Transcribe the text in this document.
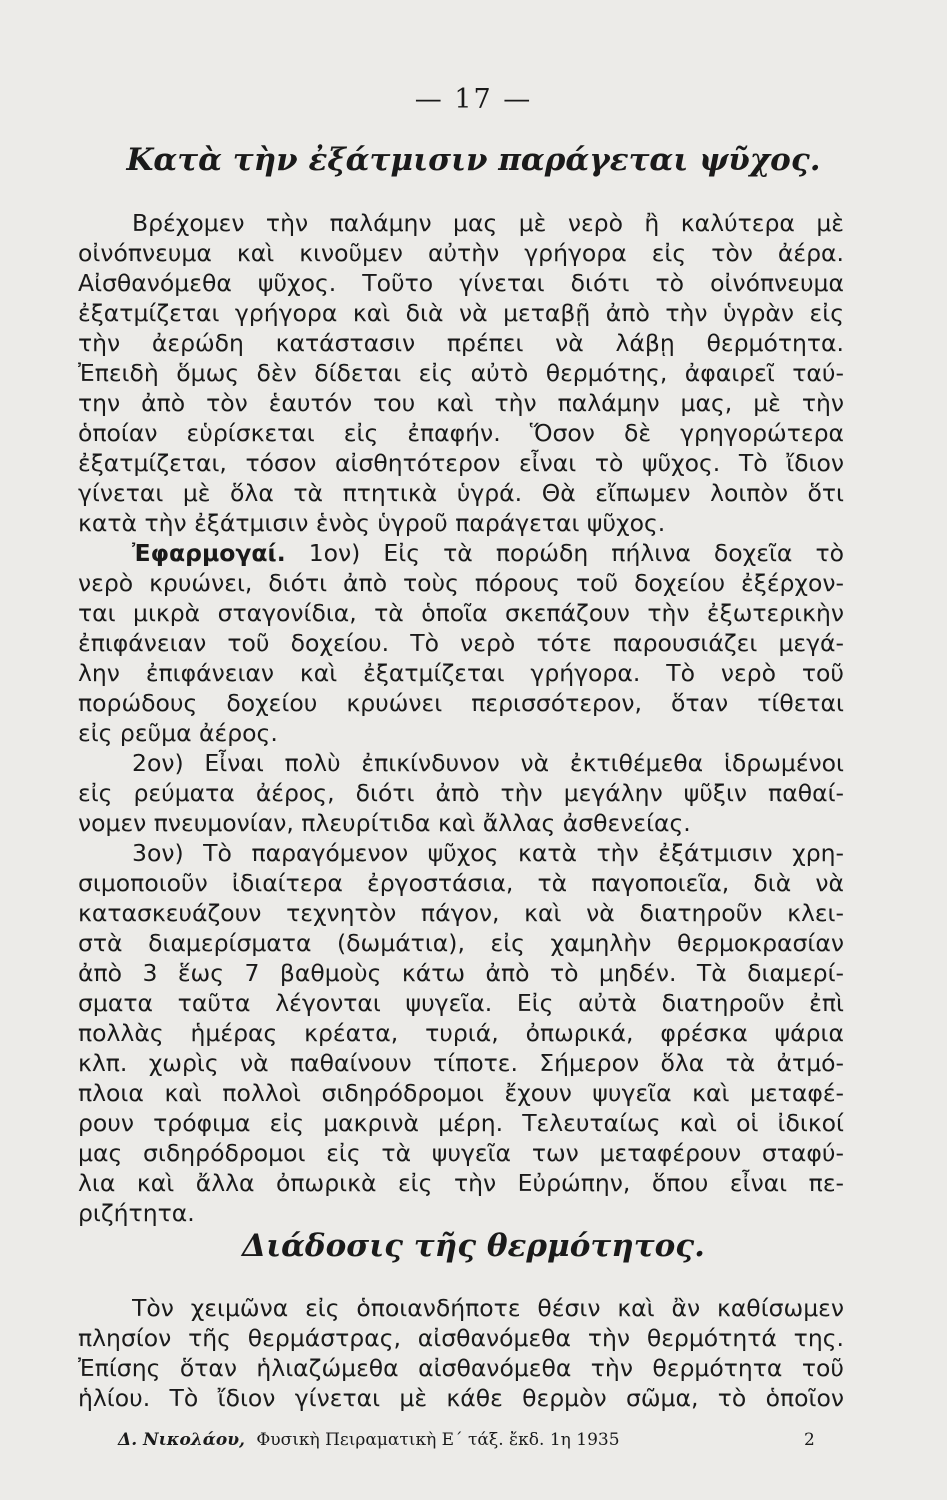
— 17 —
Κατὰ τὴν ἐξάτμισιν παράγεται ψῦχος.
Βρέχομεν τὴν παλάμην μας μὲ νερὸ ἢ καλύτερα μὲ
οἰνόπνευμα καὶ κινοῦμεν αὐτὴν γρήγορα εἰς τὸν ἀέρα.
Αἰσθανόμεθα ψῦχος. Τοῦτο γίνεται διότι τὸ οἰνόπνευμα
ἐξατμίζεται γρήγορα καὶ διὰ νὰ μεταβῇ ἀπὸ τὴν ὑγρὰν εἰς
τὴν ἀερώδη κατάστασιν πρέπει νὰ λάβῃ θερμότητα.
Ἐπειδὴ ὅμως δὲν δίδεται εἰς αὐτὸ θερμότης, ἀφαιρεῖ ταύ-
την ἀπὸ τὸν ἑαυτόν του καὶ τὴν παλάμην μας, μὲ τὴν
ὁποίαν εὑρίσκεται εἰς ἐπαφήν. Ὅσον δὲ γρηγορώτερα
ἐξατμίζεται, τόσον αἰσθητότερον εἶναι τὸ ψῦχος. Τὸ ἴδιον
γίνεται μὲ ὅλα τὰ πτητικὰ ὑγρά. Θὰ εἴπωμεν λοιπὸν ὅτι
κατὰ τὴν ἐξάτμισιν ἑνὸς ὑγροῦ παράγεται ψῦχος.
Ἐφαρμογαί. 1ον) Εἰς τὰ πορώδη πήλινα δοχεῖα τὸ
νερὸ κρυώνει, διότι ἀπὸ τοὺς πόρους τοῦ δοχείου ἐξέρχον-
ται μικρὰ σταγονίδια, τὰ ὁποῖα σκεπάζουν τὴν ἐξωτερικὴν
ἐπιφάνειαν τοῦ δοχείου. Τὸ νερὸ τότε παρουσιάζει μεγά-
λην ἐπιφάνειαν καὶ ἐξατμίζεται γρήγορα. Τὸ νερὸ τοῦ
πορώδους δοχείου κρυώνει περισσότερον, ὅταν τίθεται
εἰς ρεῦμα ἀέρος.
2ον) Εἶναι πολὺ ἐπικίνδυνον νὰ ἐκτιθέμεθα ἱδρωμένοι
εἰς ρεύματα ἀέρος, διότι ἀπὸ τὴν μεγάλην ψῦξιν παθαί-
νομεν πνευμονίαν, πλευρίτιδα καὶ ἄλλας ἀσθενείας.
3ον) Τὸ παραγόμενον ψῦχος κατὰ τὴν ἐξάτμισιν χρη-
σιμοποιοῦν ἰδιαίτερα ἐργοστάσια, τὰ παγοποιεῖα, διὰ νὰ
κατασκευάζουν τεχνητὸν πάγον, καὶ νὰ διατηροῦν κλει-
στὰ διαμερίσματα (δωμάτια), εἰς χαμηλὴν θερμοκρασίαν
ἀπὸ 3 ἕως 7 βαθμοὺς κάτω ἀπὸ τὸ μηδέν. Τὰ διαμερί-
σματα ταῦτα λέγονται ψυγεῖα. Εἰς αὐτὰ διατηροῦν ἐπὶ
πολλὰς ἡμέρας κρέατα, τυριά, ὀπωρικά, φρέσκα ψάρια
κλπ. χωρὶς νὰ παθαίνουν τίποτε. Σήμερον ὅλα τὰ ἀτμό-
πλοια καὶ πολλοὶ σιδηρόδρομοι ἔχουν ψυγεῖα καὶ μεταφέ-
ρουν τρόφιμα εἰς μακρινὰ μέρη. Τελευταίως καὶ οἱ ἰδικοί
μας σιδηρόδρομοι εἰς τὰ ψυγεῖα των μεταφέρουν σταφύ-
λια καὶ ἄλλα ὀπωρικὰ εἰς τὴν Εὐρώπην, ὅπου εἶναι πε-
ριζήτητα.
Διάδοσις τῆς θερμότητος.
Τὸν χειμῶνα εἰς ὁποιανδήποτε θέσιν καὶ ἂν καθίσωμεν
πλησίον τῆς θερμάστρας, αἰσθανόμεθα τὴν θερμότητά της.
Ἐπίσης ὅταν ἡλιαζώμεθα αἰσθανόμεθα τὴν θερμότητα τοῦ
ἡλίου. Τὸ ἴδιον γίνεται μὲ κάθε θερμὸν σῶμα, τὸ ὁποῖον
Δ. Νικολάου, Φυσικὴ Πειραματικὴ Ε΄ τάξ. ἔκδ. 1η 1935	2
